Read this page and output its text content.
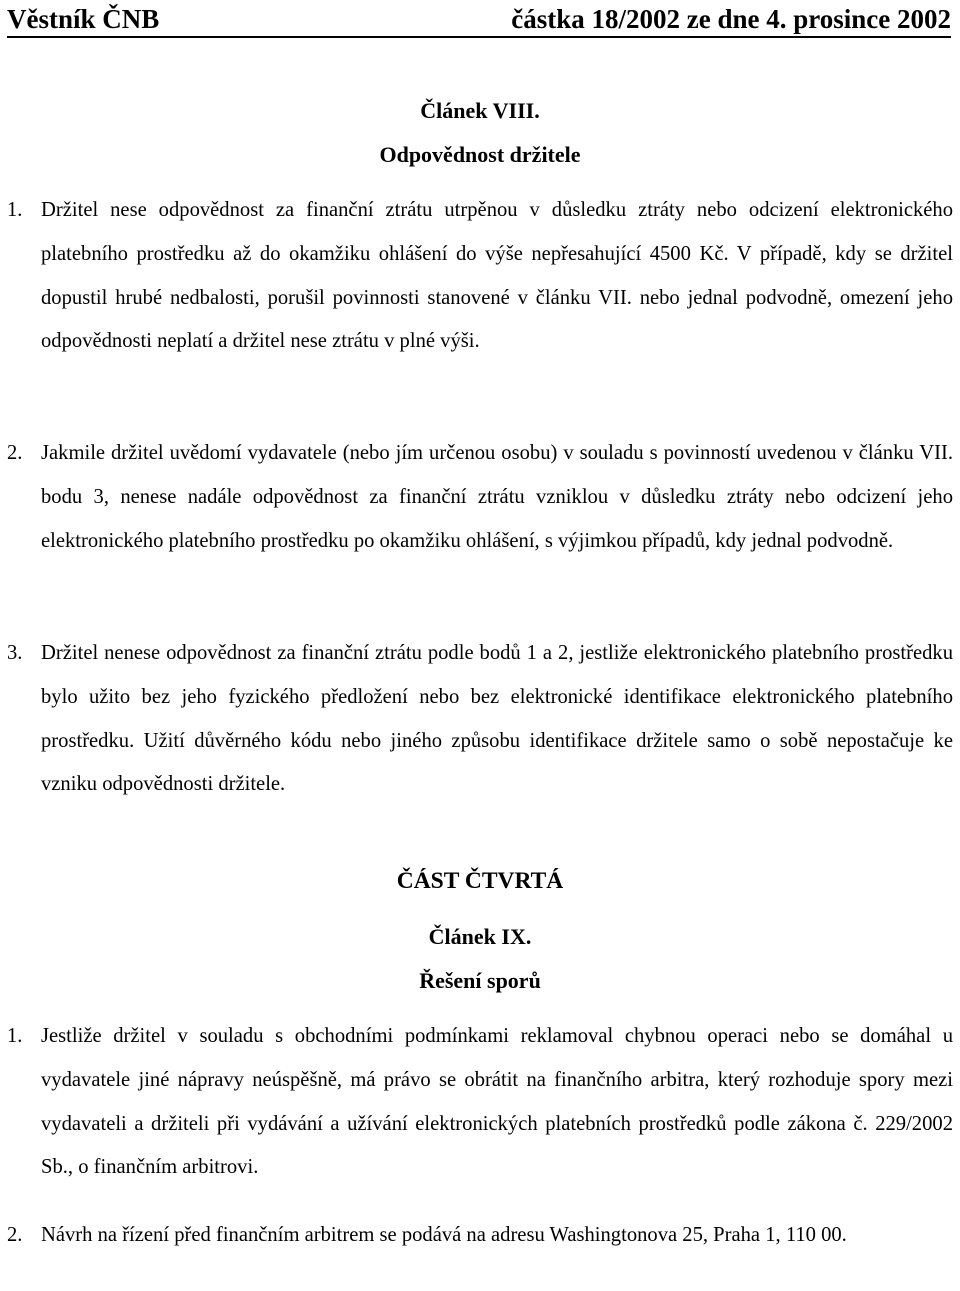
Věstník ČNB	částka 18/2002 ze dne 4. prosince 2002
Článek VIII.
Odpovědnost držitele
1. Držitel nese odpovědnost za finanční ztrátu utrpěnou v důsledku ztráty nebo odcizení elektronického platebního prostředku až do okamžiku ohlášení do výše nepřesahující 4500 Kč. V případě, kdy se držitel dopustil hrubé nedbalosti, porušil povinnosti stanovené v článku VII. nebo jednal podvodně, omezení jeho odpovědnosti neplatí a držitel nese ztrátu v plné výši.
2. Jakmile držitel uvědomí vydavatele (nebo jím určenou osobu) v souladu s povinností uvedenou v článku VII. bodu 3, nenese nadále odpovědnost za finanční ztrátu vzniklou v důsledku ztráty nebo odcizení jeho elektronického platebního prostředku po okamžiku ohlášení, s výjimkou případů, kdy jednal podvodně.
3. Držitel nenese odpovědnost za finanční ztrátu podle bodů 1 a 2, jestliže elektronického platebního prostředku bylo užito bez jeho fyzického předložení nebo bez elektronické identifikace elektronického platebního prostředku. Užití důvěrného kódu nebo jiného způsobu identifikace držitele samo o sobě nepostačuje ke vzniku odpovědnosti držitele.
ČÁST ČTVRTÁ
Článek IX.
Řešení sporů
1. Jestliže držitel v souladu s obchodními podmínkami reklamoval chybnou operaci nebo se domáhal u vydavatele jiné nápravy neúspěšně, má právo se obrátit na finančního arbitra, který rozhoduje spory mezi vydavateli a držiteli při vydávání a užívání elektronických platebních prostředků podle zákona č. 229/2002 Sb., o finančním arbitrovi.
2. Návrh na řízení před finančním arbitrem se podává na adresu Washingtonova 25, Praha 1, 110 00.
